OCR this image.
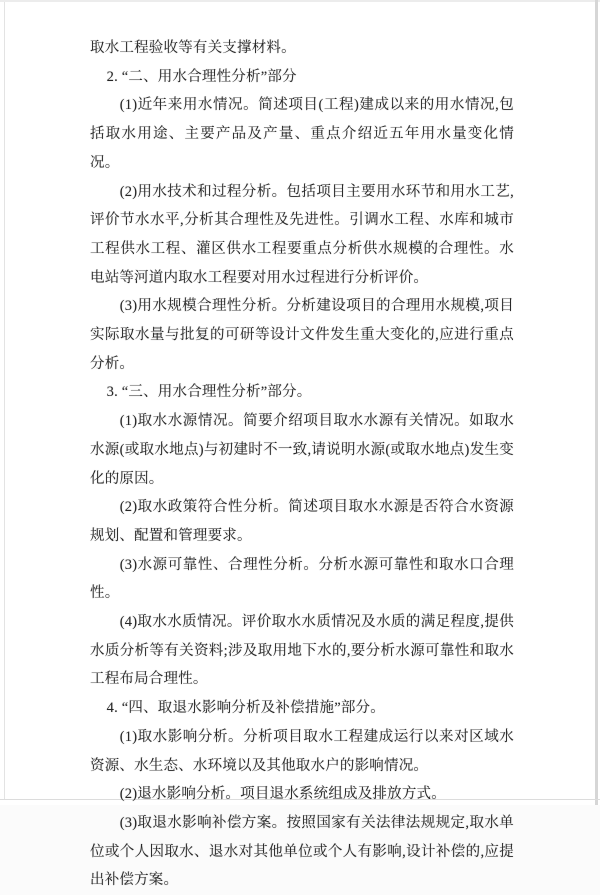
取水工程验收等有关支撑材料。

2. “二、用水合理性分析”部分

(1)近年来用水情况。简述项目(工程)建成以来的用水情况,包括取水用途、主要产品及产量、重点介绍近五年用水量变化情况。

(2)用水技术和过程分析。包括项目主要用水环节和用水工艺,评价节水水平,分析其合理性及先进性。引调水工程、水库和城市工程供水工程、灌区供水工程要重点分析供水规模的合理性。水电站等河道内取水工程要对用水过程进行分析评价。

(3)用水规模合理性分析。分析建设项目的合理用水规模,项目实际取水量与批复的可研等设计文件发生重大变化的,应进行重点分析。

3. “三、用水合理性分析”部分。

(1)取水水源情况。简要介绍项目取水水源有关情况。如取水水源(或取水地点)与初建时不一致,请说明水源(或取水地点)发生变化的原因。

(2)取水政策符合性分析。简述项目取水水源是否符合水资源规划、配置和管理要求。

(3)水源可靠性、合理性分析。分析水源可靠性和取水口合理性。

(4)取水水质情况。评价取水水质情况及水质的满足程度,提供水质分析等有关资料;涉及取用地下水的,要分析水源可靠性和取水工程布局合理性。

4. “四、取退水影响分析及补偿措施”部分。

(1)取水影响分析。分析项目取水工程建成运行以来对区域水资源、水生态、水环境以及其他取水户的影响情况。

(2)退水影响分析。项目退水系统组成及排放方式。

(3)取退水影响补偿方案。按照国家有关法律法规规定,取水单位或个人因取水、退水对其他单位或个人有影响,设计补偿的,应提出补偿方案。
